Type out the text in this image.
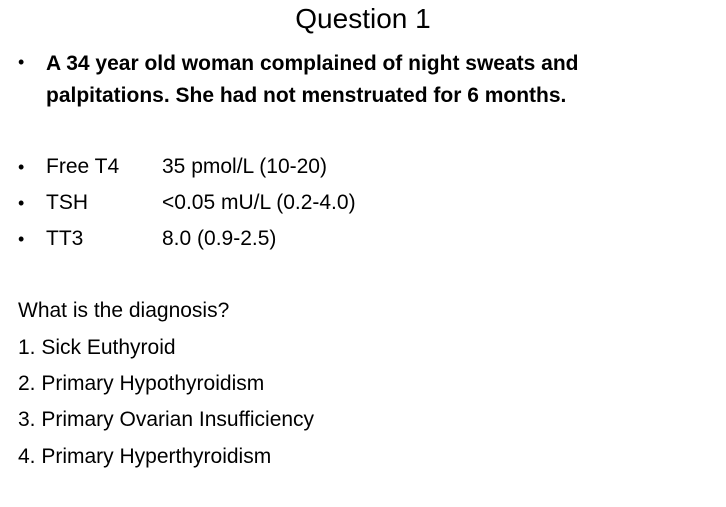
Question 1
•	A 34 year old woman complained of night sweats and palpitations. She had not menstruated for 6 months.
•	Free T4	35 pmol/L (10-20)
•	TSH	<0.05 mU/L (0.2-4.0)
•	TT3	8.0 (0.9-2.5)
What is the diagnosis?
1. Sick Euthyroid
2. Primary Hypothyroidism
3. Primary Ovarian Insufficiency
4. Primary Hyperthyroidism
